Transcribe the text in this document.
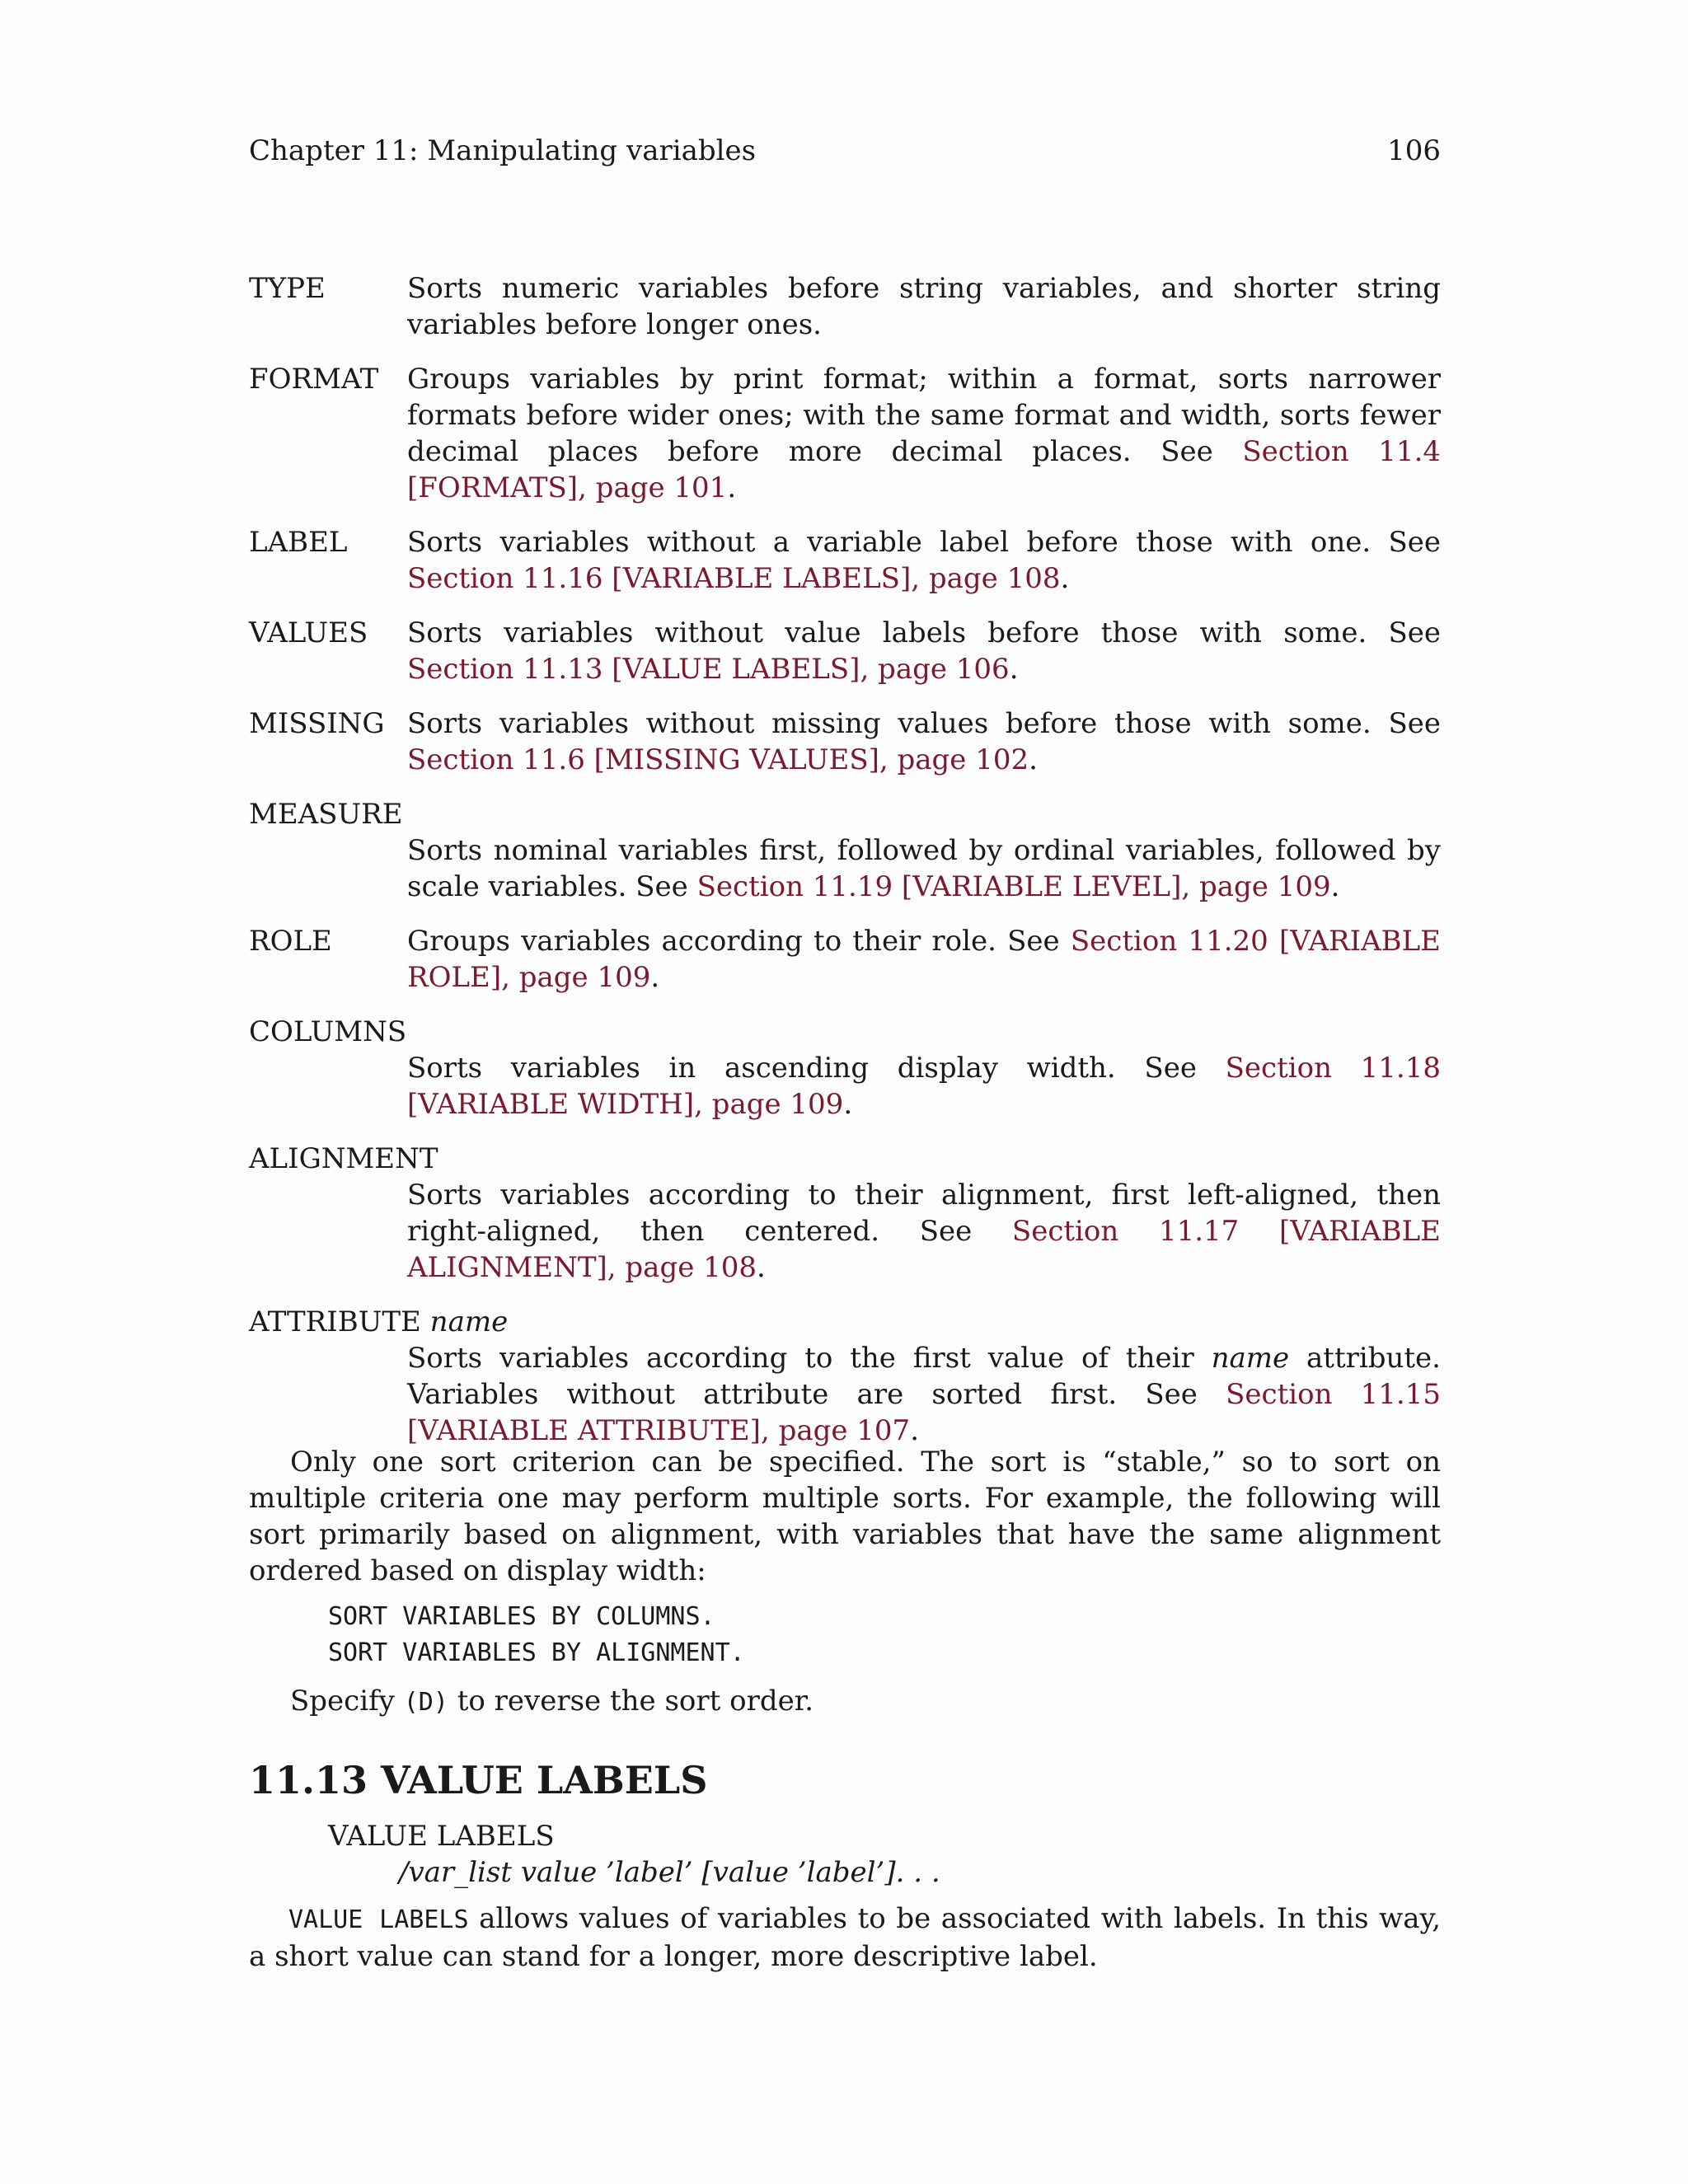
Chapter 11: Manipulating variables	106
TYPE	Sorts numeric variables before string variables, and shorter string variables before longer ones.
FORMAT Groups variables by print format; within a format, sorts narrower formats before wider ones; with the same format and width, sorts fewer decimal places before more decimal places. See Section 11.4 [FORMATS], page 101.
LABEL Sorts variables without a variable label before those with one. See Section 11.16 [VARIABLE LABELS], page 108.
VALUES Sorts variables without value labels before those with some. See Section 11.13 [VALUE LABELS], page 106.
MISSING Sorts variables without missing values before those with some. See Section 11.6 [MISSING VALUES], page 102.
MEASURE
Sorts nominal variables first, followed by ordinal variables, followed by scale variables. See Section 11.19 [VARIABLE LEVEL], page 109.
ROLE	Groups variables according to their role. See Section 11.20 [VARIABLE ROLE], page 109.
COLUMNS
Sorts variables in ascending display width. See Section 11.18 [VARIABLE WIDTH], page 109.
ALIGNMENT
Sorts variables according to their alignment, first left-aligned, then right-aligned, then centered. See Section 11.17 [VARIABLE ALIGNMENT], page 108.
ATTRIBUTE name
Sorts variables according to the first value of their name attribute. Variables without attribute are sorted first. See Section 11.15 [VARIABLE ATTRIBUTE], page 107.

Only one sort criterion can be specified. The sort is “stable,” so to sort on multiple criteria one may perform multiple sorts. For example, the following will sort primarily based on alignment, with variables that have the same alignment ordered based on display width:

SORT VARIABLES BY COLUMNS.
SORT VARIABLES BY ALIGNMENT.

Specify (D) to reverse the sort order.

11.13 VALUE LABELS
VALUE LABELS
/var_list value ’label’ [value ’label’]. . .

VALUE LABELS allows values of variables to be associated with labels. In this way, a short value can stand for a longer, more descriptive label.
